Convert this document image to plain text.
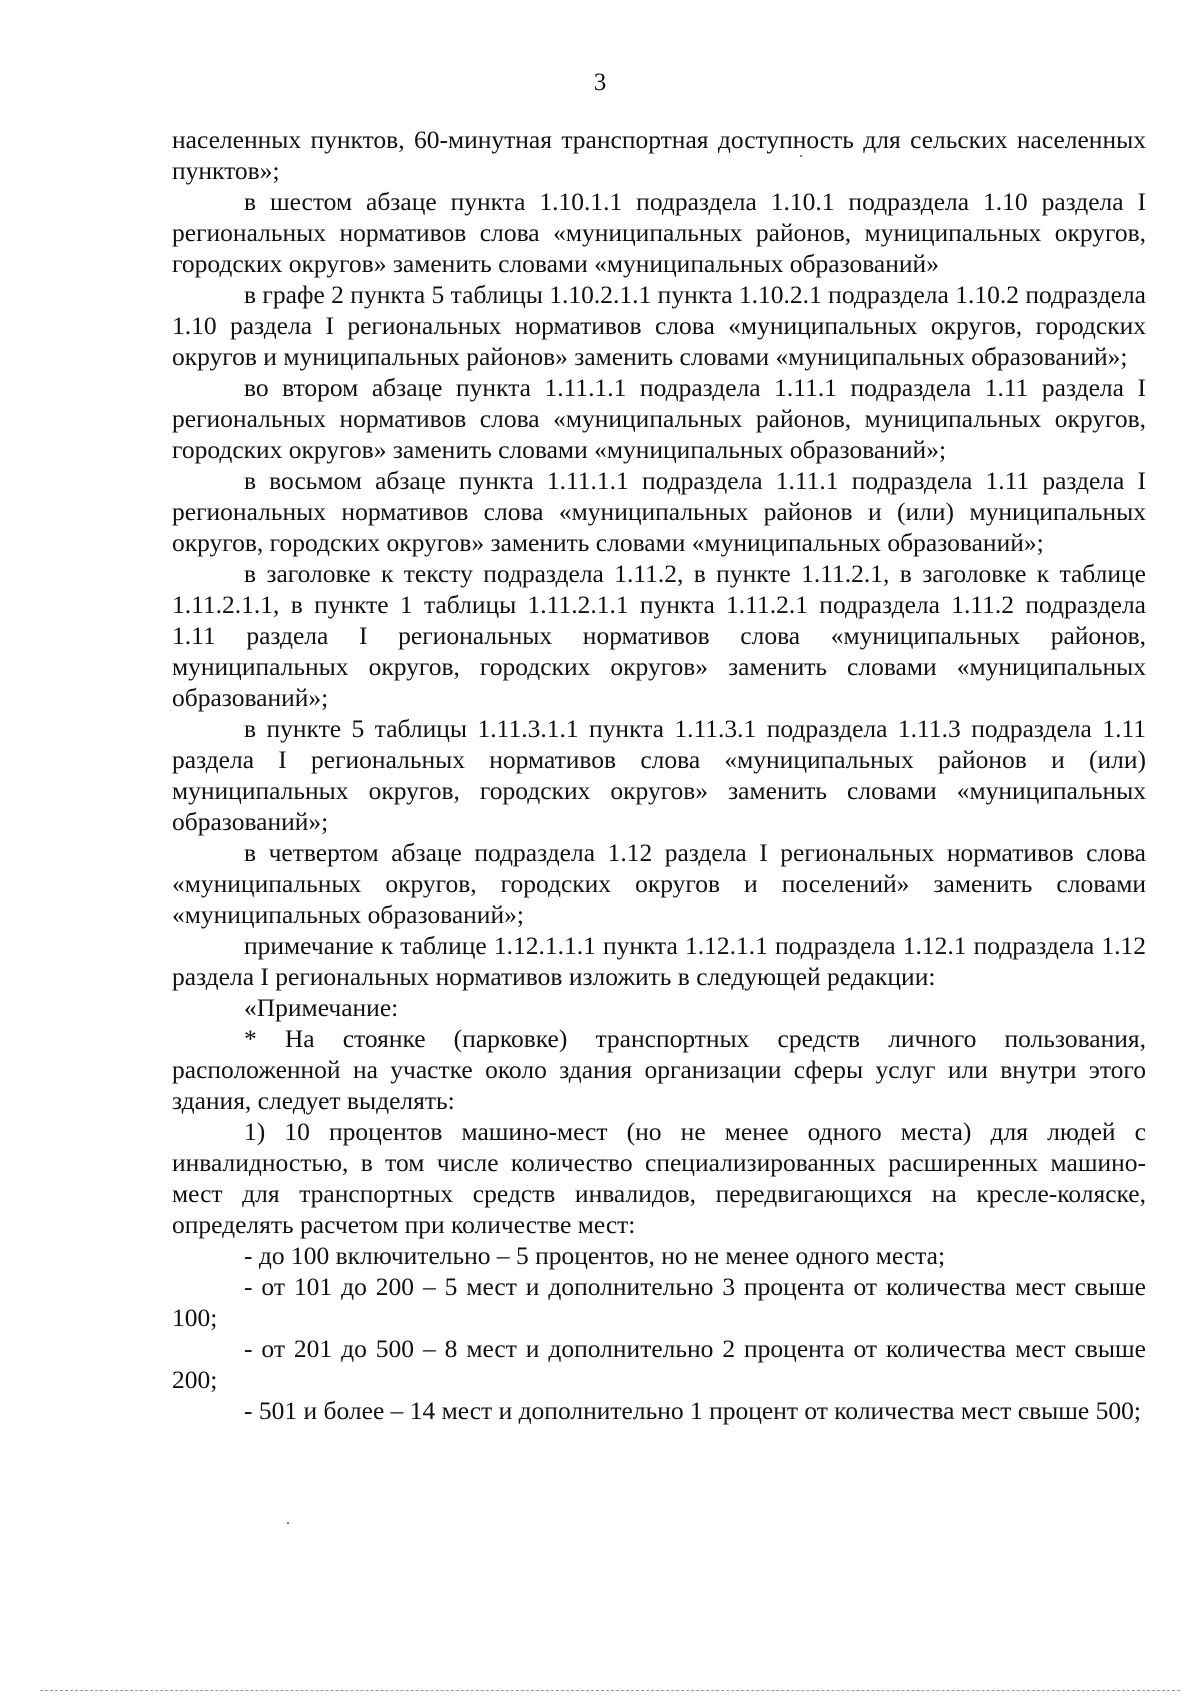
3

населенных пунктов, 60-минутная транспортная доступность для сельских населенных пунктов»;

в шестом абзаце пункта 1.10.1.1 подраздела 1.10.1 подраздела 1.10 раздела I региональных нормативов слова «муниципальных районов, муниципальных округов, городских округов» заменить словами «муниципальных образований»

в графе 2 пункта 5 таблицы 1.10.2.1.1 пункта 1.10.2.1 подраздела 1.10.2 подраздела 1.10 раздела I региональных нормативов слова «муниципальных округов, городских округов и муниципальных районов» заменить словами «муниципальных образований»;

во втором абзаце пункта 1.11.1.1 подраздела 1.11.1 подраздела 1.11 раздела I региональных нормативов слова «муниципальных районов, муниципальных округов, городских округов» заменить словами «муниципальных образований»;

в восьмом абзаце пункта 1.11.1.1 подраздела 1.11.1 подраздела 1.11 раздела I региональных нормативов слова «муниципальных районов и (или) муниципальных округов, городских округов» заменить словами «муниципальных образований»;

в заголовке к тексту подраздела 1.11.2, в пункте 1.11.2.1, в заголовке к таблице 1.11.2.1.1, в пункте 1 таблицы 1.11.2.1.1 пункта 1.11.2.1 подраздела 1.11.2 подраздела 1.11 раздела I региональных нормативов слова «муниципальных районов, муниципальных округов, городских округов» заменить словами «муниципальных образований»;

в пункте 5 таблицы 1.11.3.1.1 пункта 1.11.3.1 подраздела 1.11.3 подраздела 1.11 раздела I региональных нормативов слова «муниципальных районов и (или) муниципальных округов, городских округов» заменить словами «муниципальных образований»;

в четвертом абзаце подраздела 1.12 раздела I региональных нормативов слова «муниципальных округов, городских округов и поселений» заменить словами «муниципальных образований»;

примечание к таблице 1.12.1.1.1 пункта 1.12.1.1 подраздела 1.12.1 подраздела 1.12 раздела I региональных нормативов изложить в следующей редакции:

«Примечание:

* На стоянке (парковке) транспортных средств личного пользования, расположенной на участке около здания организации сферы услуг или внутри этого здания, следует выделять:

1) 10 процентов машино-мест (но не менее одного места) для людей с инвалидностью, в том числе количество специализированных расширенных машино-мест для транспортных средств инвалидов, передвигающихся на кресле-коляске, определять расчетом при количестве мест:

- до 100 включительно – 5 процентов, но не менее одного места;

- от 101 до 200 – 5 мест и дополнительно 3 процента от количества мест свыше 100;

- от 201 до 500 – 8 мест и дополнительно 2 процента от количества мест свыше 200;

- 501 и более – 14 мест и дополнительно 1 процент от количества мест свыше 500;
